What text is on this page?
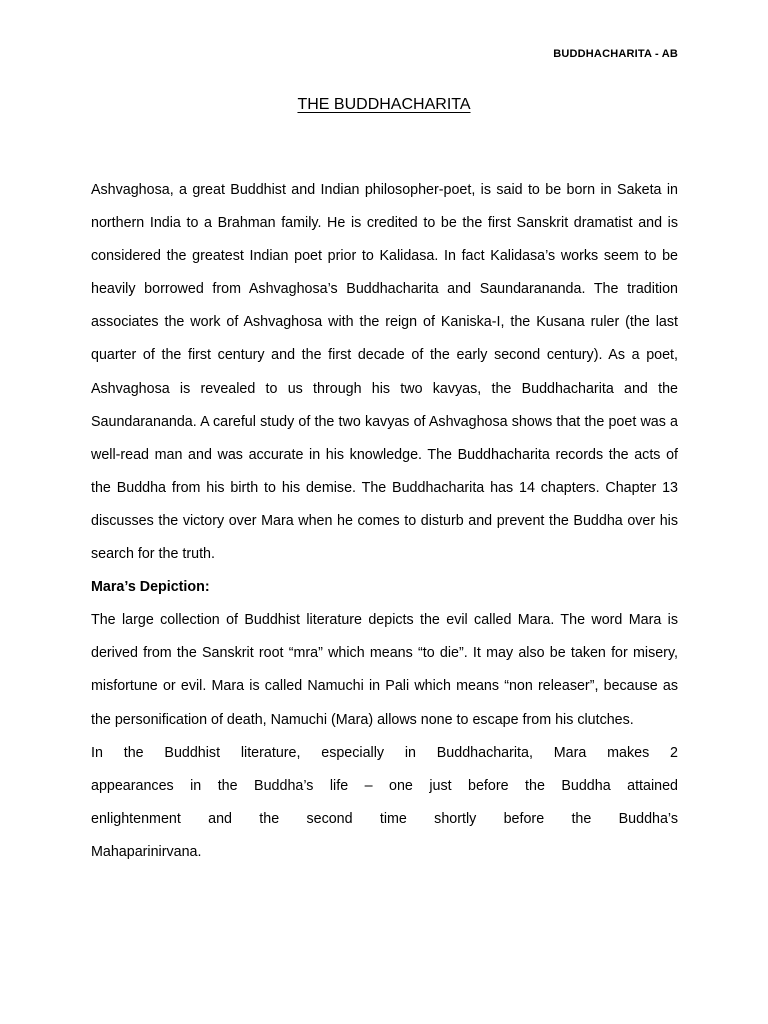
BUDDHACHARITA - AB
THE BUDDHACHARITA

Ashvaghosa, a great Buddhist and Indian philosopher-poet, is said to be born in Saketa in northern India to a Brahman family. He is credited to be the first Sanskrit dramatist and is considered the greatest Indian poet prior to Kalidasa. In fact Kalidasa’s works seem to be heavily borrowed from Ashvaghosa’s Buddhacharita and Saundarananda. The tradition associates the work of Ashvaghosa with the reign of Kaniska-I, the Kusana ruler (the last quarter of the first century and the first decade of the early second century). As a poet, Ashvaghosa is revealed to us through his two kavyas, the Buddhacharita and the Saundarananda. A careful study of the two kavyas of Ashvaghosa shows that the poet was a well-read man and was accurate in his knowledge. The Buddhacharita records the acts of the Buddha from his birth to his demise. The Buddhacharita has 14 chapters. Chapter 13 discusses the victory over Mara when he comes to disturb and prevent the Buddha over his search for the truth.

Mara’s Depiction:

The large collection of Buddhist literature depicts the evil called Mara. The word Mara is derived from the Sanskrit root “mra” which means “to die”. It may also be taken for misery, misfortune or evil. Mara is called Namuchi in Pali which means “non releaser”, because as the personification of death, Namuchi (Mara) allows none to escape from his clutches.

In the Buddhist literature, especially in Buddhacharita, Mara makes 2

appearances in the Buddha’s life – one just before the Buddha attained

enlightenment and the second time shortly before the Buddha’s

Mahaparinirvana.
